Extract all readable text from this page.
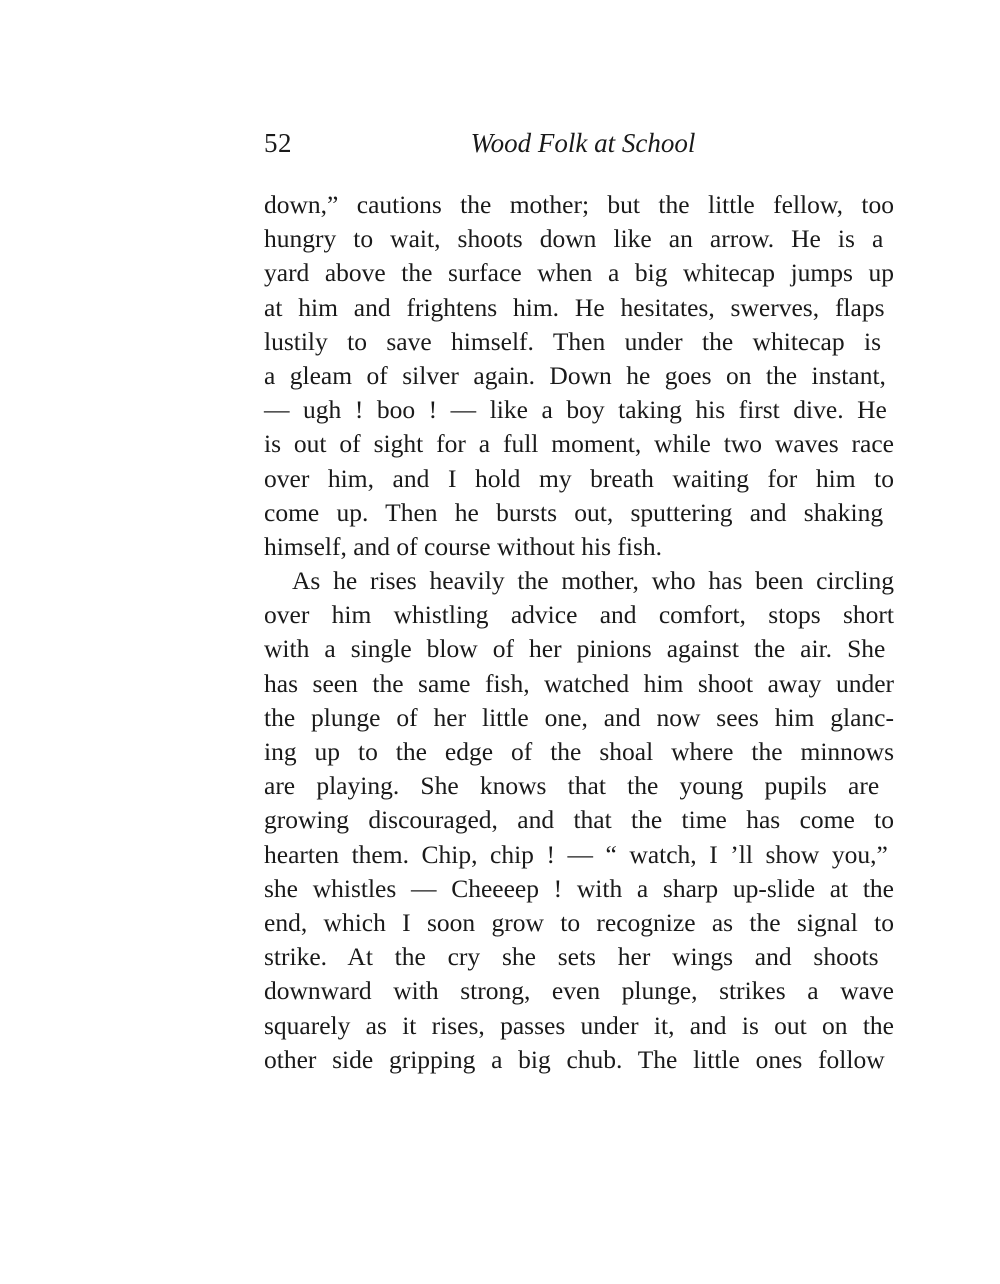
52	Wood Folk at School
down,” cautions the mother; but the little fellow, too
hungry to wait, shoots down like an arrow. He is a
yard above the surface when a big whitecap jumps up
at him and frightens him. He hesitates, swerves, flaps
lustily to save himself. Then under the whitecap is
a gleam of silver again. Down he goes on the instant,
— ugh ! boo ! — like a boy taking his first dive. He
is out of sight for a full moment, while two waves race
over him, and I hold my breath waiting for him to
come up. Then he bursts out, sputtering and shaking
himself, and of course without his fish.
As he rises heavily the mother, who has been circling
over him whistling advice and comfort, stops short
with a single blow of her pinions against the air. She
has seen the same fish, watched him shoot away under
the plunge of her little one, and now sees him glanc-
ing up to the edge of the shoal where the minnows
are playing. She knows that the young pupils are
growing discouraged, and that the time has come to
hearten them. Chip, chip ! — “ watch, I ’ll show you,”
she whistles — Cheeeep ! with a sharp up-slide at the
end, which I soon grow to recognize as the signal to
strike. At the cry she sets her wings and shoots
downward with strong, even plunge, strikes a wave
squarely as it rises, passes under it, and is out on the
other side gripping a big chub. The little ones follow
